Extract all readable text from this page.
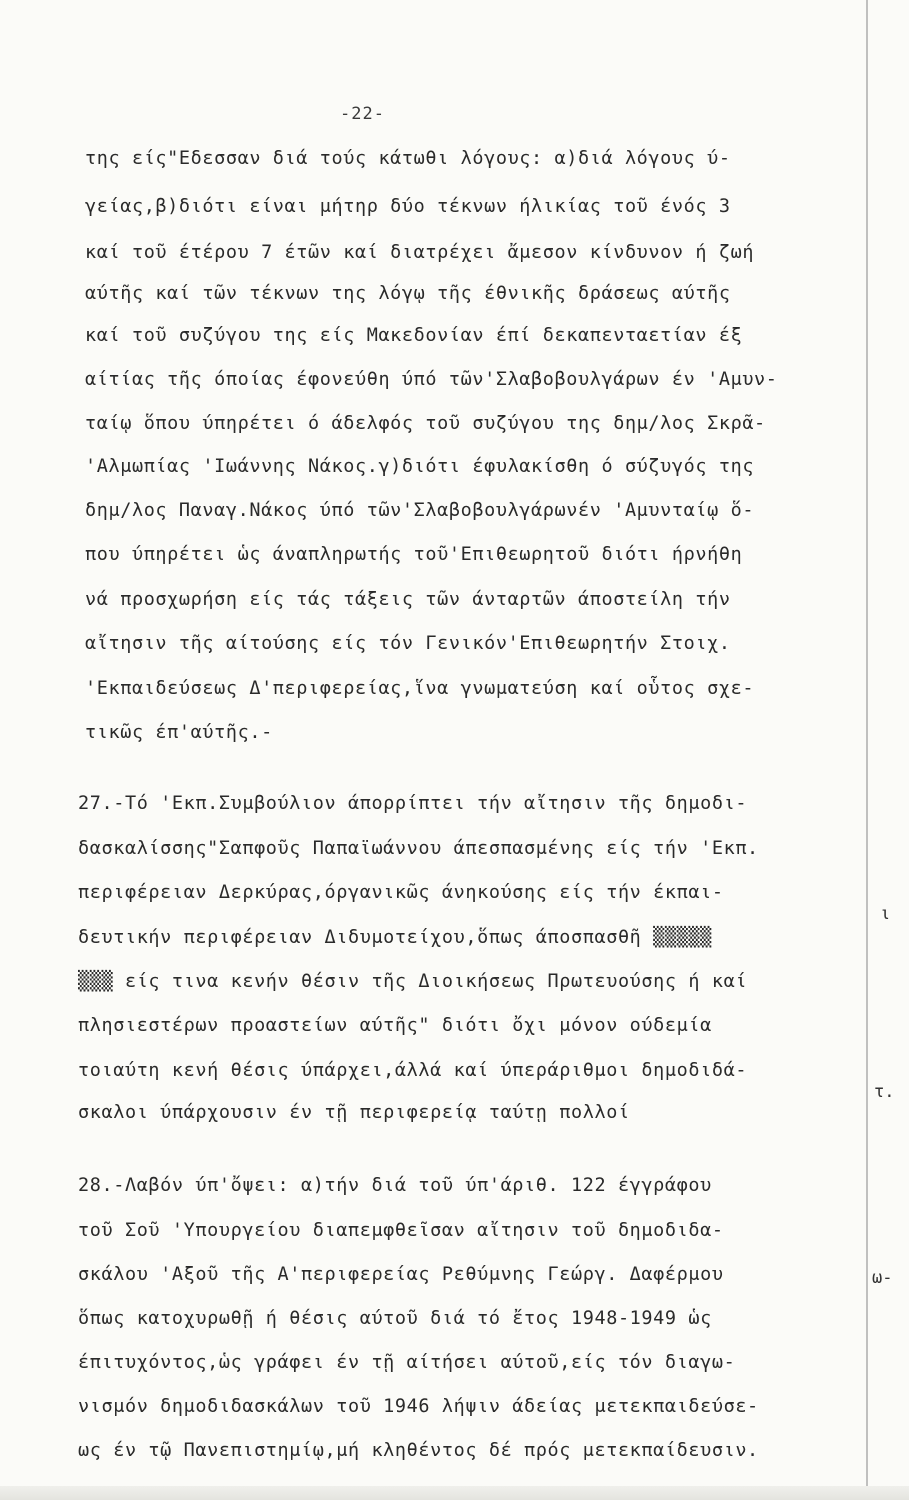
-22-
της είς"Εδεσσαν διά τούς κάτωθι λόγους: α)διά λόγους ύ-
γείας,β)διότι είναι μήτηρ δύο τέκνων ήλικίας τοῦ ένός 3
καί τοῦ έτέρου 7 έτῶν καί διατρέχει ἄμεσον κίνδυνον ή ζωή
αύτῆς καί τῶν τέκνων της λόγῳ τῆς έθνικῆς δράσεως αύτῆς
καί τοῦ συζύγου της είς Μακεδονίαν έπί δεκαπενταετίαν έξ
αίτίας τῆς όποίας έφονεύθη ύπό τῶν'Σλαβοβουλγάρων έν 'Αμυν-
ταίῳ ὅπου ύπηρέτει ό άδελφός τοῦ συζύγου της δημ/λος Σκρᾶ-
'Αλμωπίας 'Ιωάννης Νάκος.γ)διότι έφυλακίσθη ό σύζυγός της
δημ/λος Παναγ.Νάκος ύπό τῶν'Σλαβοβουλγάρωνέν 'Αμυνταίῳ ὅ-
που ύπηρέτει ὡς άναπληρωτής τοῦ'Επιθεωρητοῦ διότι ήρνήθη
νά προσχωρήση είς τάς τάξεις τῶν άνταρτῶν άποστείλη τήν
αἴτησιν τῆς αίτούσης είς τόν Γενικόν'Επιθεωρητήν Στοιχ.
'Εκπαιδεύσεως Δ'περιφερείας,ἵνα γνωματεύση καί οὗτος σχε-
τικῶς έπ'αύτῆς.-
27.-Τό 'Εκπ.Συμβούλιον άπορρίπτει τήν αἴτησιν τῆς δημοδι-
δασκαλίσσης"Σαπφοῦς Παπαϊωάννου άπεσπασμένης είς τήν 'Εκπ.
περιφέρειαν Δερκύρας,όργανικῶς άνηκούσης είς τήν έκπαι-
δευτικήν περιφέρειαν Διδυμοτείχου,ὅπως άποσπασθῆ ▒▒▒▒▒
▒▒▒ είς τινα κενήν θέσιν τῆς Διοικήσεως Πρωτευούσης ή καί
πλησιεστέρων προαστείων αύτῆς" διότι ὄχι μόνον ούδεμία
τοιαύτη κενή θέσις ύπάρχει,άλλά καί ύπεράριθμοι δημοδιδά-
σκαλοι ύπάρχουσιν έν τῇ περιφερείᾳ ταύτῃ πολλοί
28.-Λαβόν ύπ'ὄψει: α)τήν διά τοῦ ύπ'άριθ. 122 έγγράφου
τοῦ Σοῦ 'Υπουργείου διαπεμφθεῖσαν αἴτησιν τοῦ δημοδιδα-
σκάλου 'Αξοῦ τῆς Α'περιφερείας Ρεθύμνης Γεώργ. Δαφέρμου
ὅπως κατοχυρωθῇ ή θέσις αύτοῦ διά τό ἔτος 1948-1949 ὡς
έπιτυχόντος,ὡς γράφει έν τῇ αίτήσει αύτοῦ,είς τόν διαγω-
νισμόν δημοδιδασκάλων τοῦ 1946 λήψιν άδείας μετεκπαιδεύσε-
ως έν τῷ Πανεπιστημίῳ,μή κληθέντος δέ πρός μετεκπαίδευσιν.
ι
τ.
ω-
